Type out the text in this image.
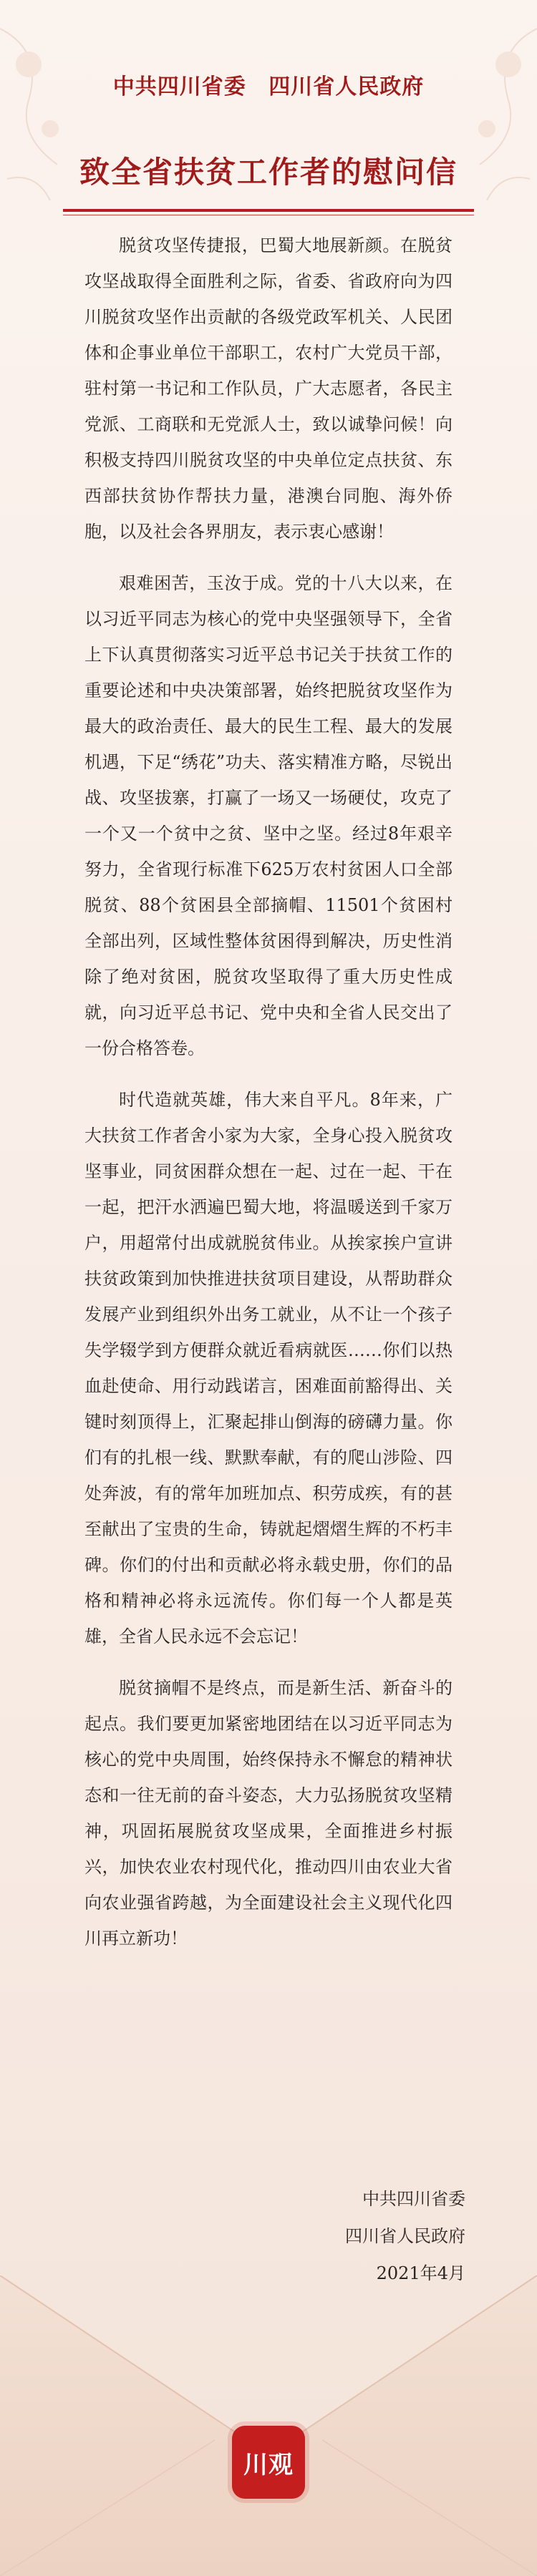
中共四川省委 四川省人民政府
致全省扶贫工作者的慰问信

脱贫攻坚传捷报，巴蜀大地展新颜。在脱贫攻坚战取得全面胜利之际，省委、省政府向为四川脱贫攻坚作出贡献的各级党政军机关、人民团体和企事业单位干部职工，农村广大党员干部，驻村第一书记和工作队员，广大志愿者，各民主党派、工商联和无党派人士，致以诚挚问候！向积极支持四川脱贫攻坚的中央单位定点扶贫、东西部扶贫协作帮扶力量，港澳台同胞、海外侨胞，以及社会各界朋友，表示衷心感谢！

艰难困苦，玉汝于成。党的十八大以来，在以习近平同志为核心的党中央坚强领导下，全省上下认真贯彻落实习近平总书记关于扶贫工作的重要论述和中央决策部署，始终把脱贫攻坚作为最大的政治责任、最大的民生工程、最大的发展机遇，下足“绣花”功夫、落实精准方略，尽锐出战、攻坚拔寨，打赢了一场又一场硬仗，攻克了一个又一个贫中之贫、坚中之坚。经过8年艰辛努力，全省现行标准下625万农村贫困人口全部脱贫、88个贫困县全部摘帽、11501个贫困村全部出列，区域性整体贫困得到解决，历史性消除了绝对贫困，脱贫攻坚取得了重大历史性成就，向习近平总书记、党中央和全省人民交出了一份合格答卷。

时代造就英雄，伟大来自平凡。8年来，广大扶贫工作者舍小家为大家，全身心投入脱贫攻坚事业，同贫困群众想在一起、过在一起、干在一起，把汗水洒遍巴蜀大地，将温暖送到千家万户，用超常付出成就脱贫伟业。从挨家挨户宣讲扶贫政策到加快推进扶贫项目建设，从帮助群众发展产业到组织外出务工就业，从不让一个孩子失学辍学到方便群众就近看病就医……你们以热血赴使命、用行动践诺言，困难面前豁得出、关键时刻顶得上，汇聚起排山倒海的磅礴力量。你们有的扎根一线、默默奉献，有的爬山涉险、四处奔波，有的常年加班加点、积劳成疾，有的甚至献出了宝贵的生命，铸就起熠熠生辉的不朽丰碑。你们的付出和贡献必将永载史册，你们的品格和精神必将永远流传。你们每一个人都是英雄，全省人民永远不会忘记！

脱贫摘帽不是终点，而是新生活、新奋斗的起点。我们要更加紧密地团结在以习近平同志为核心的党中央周围，始终保持永不懈怠的精神状态和一往无前的奋斗姿态，大力弘扬脱贫攻坚精神，巩固拓展脱贫攻坚成果，全面推进乡村振兴，加快农业农村现代化，推动四川由农业大省向农业强省跨越，为全面建设社会主义现代化四川再立新功！

中共四川省委
四川省人民政府
2021年4月
川观
